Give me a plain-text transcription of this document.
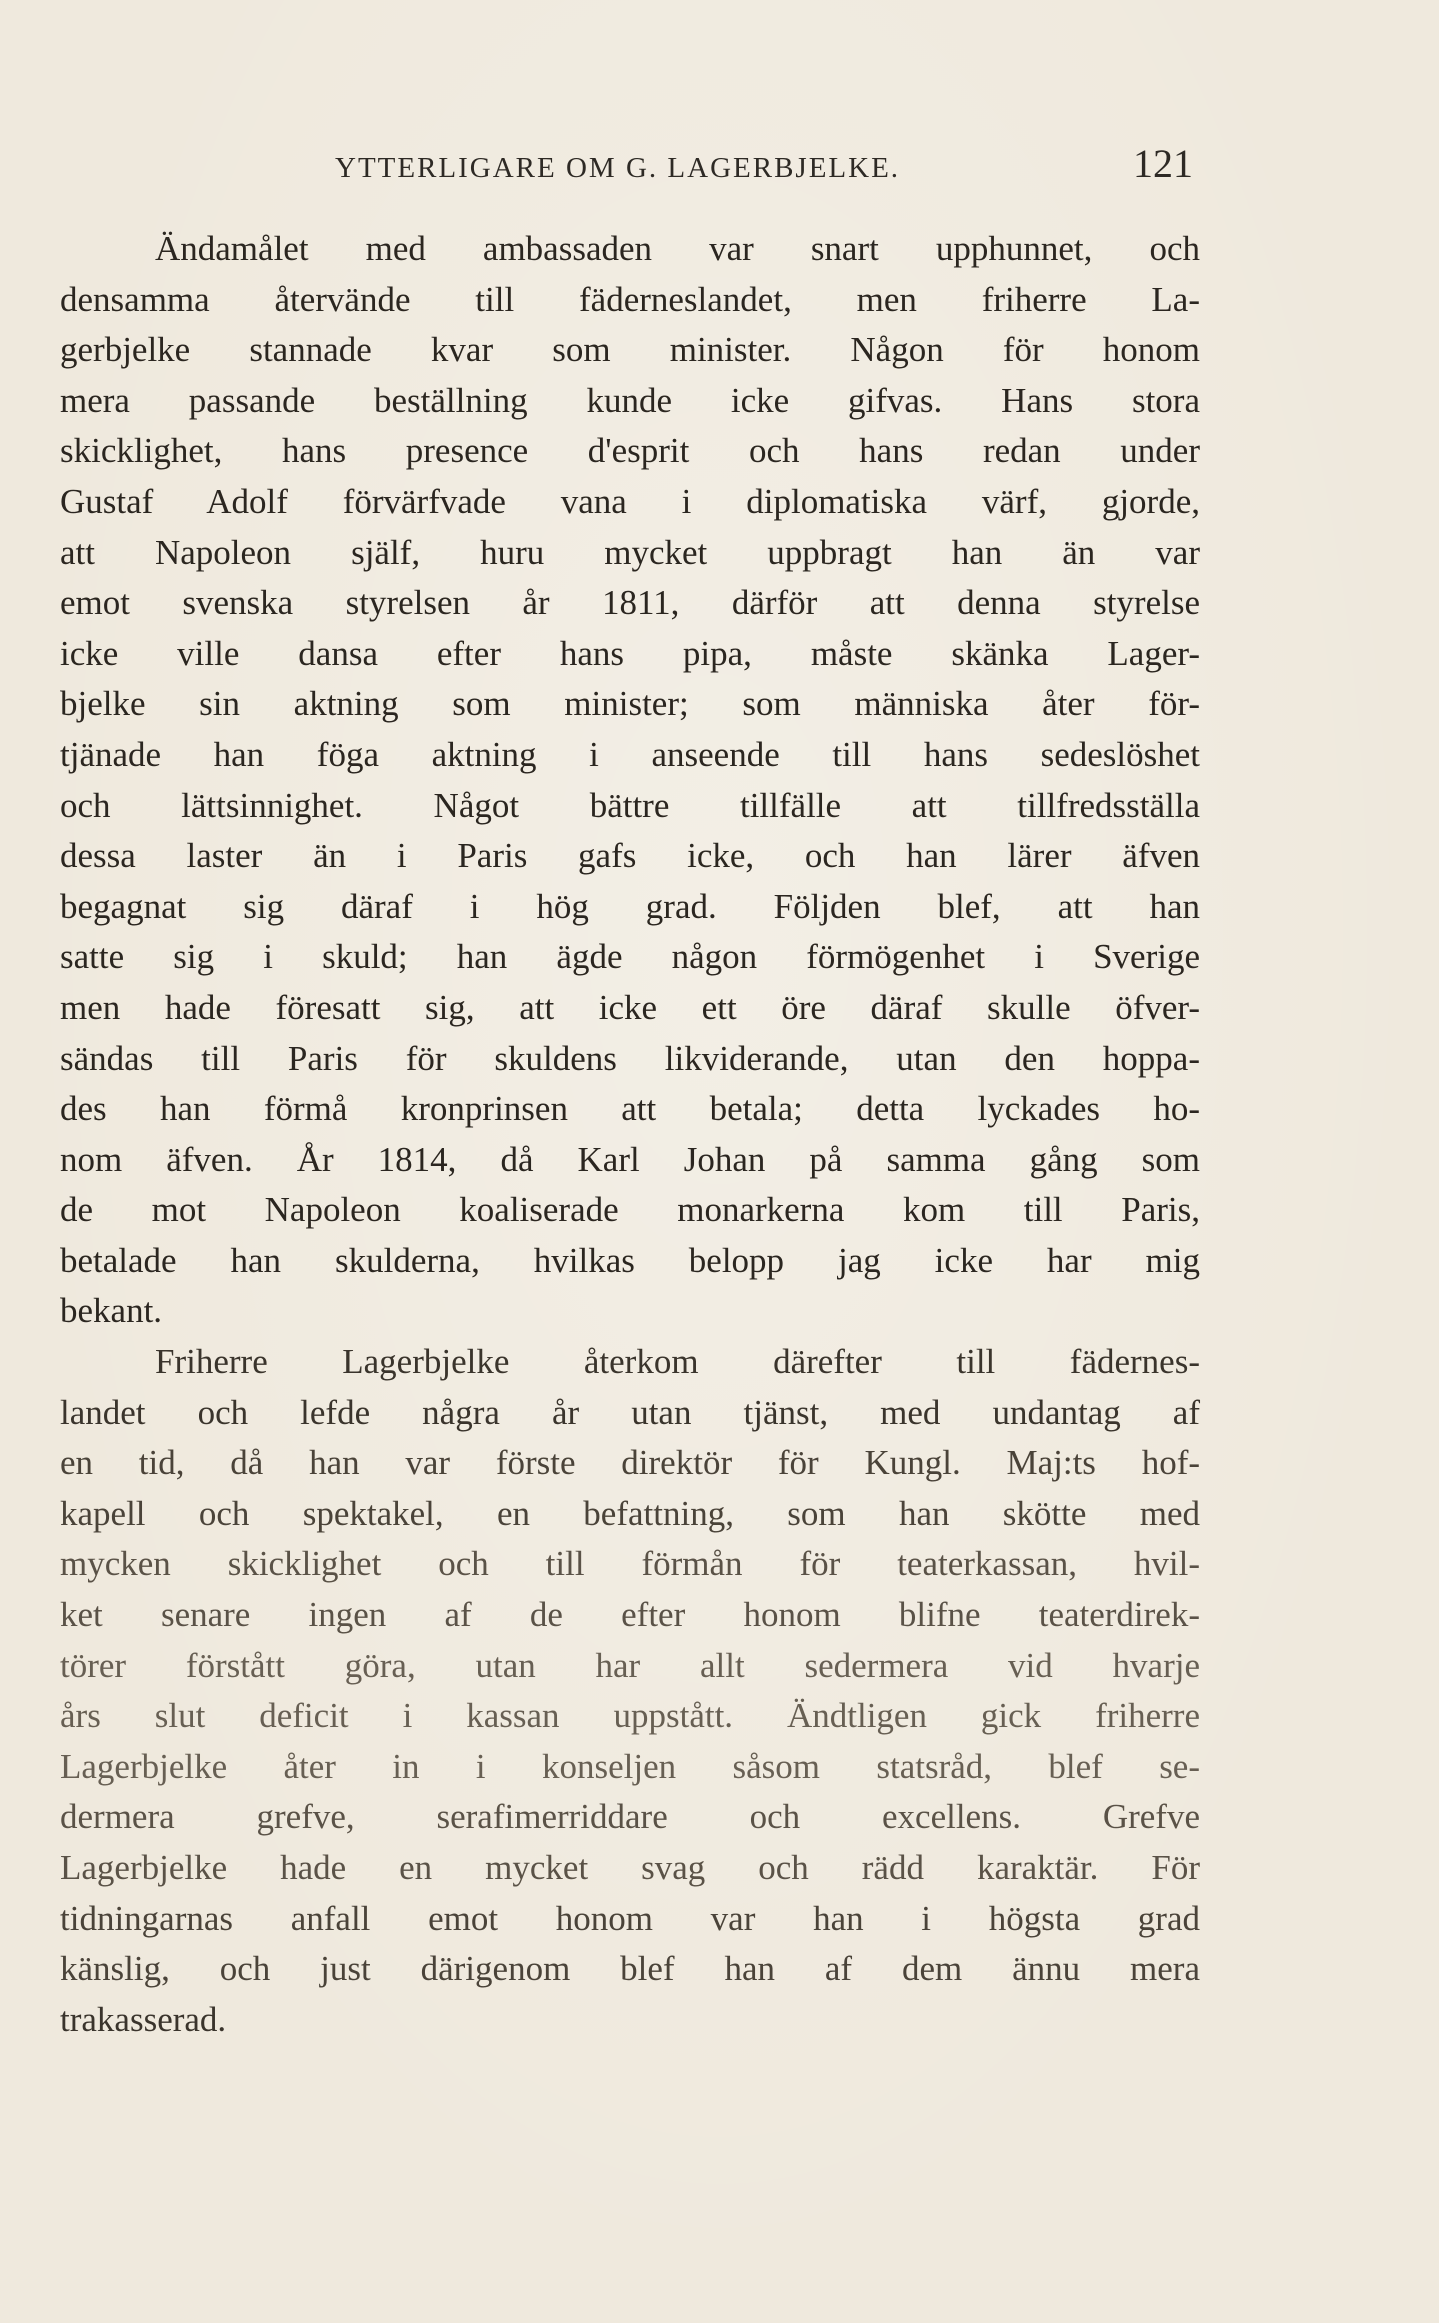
YTTERLIGARE OM G. LAGERBJELKE.	121
Ändamålet med ambassaden var snart upphunnet, och
densamma återvände till fäderneslandet, men friherre La-
gerbjelke stannade kvar som minister. Någon för honom
mera passande beställning kunde icke gifvas. Hans stora
skicklighet, hans presence d'esprit och hans redan under
Gustaf Adolf förvärfvade vana i diplomatiska värf, gjorde,
att Napoleon själf, huru mycket uppbragt han än var
emot svenska styrelsen år 1811, därför att denna styrelse
icke ville dansa efter hans pipa, måste skänka Lager-
bjelke sin aktning som minister; som människa åter för-
tjänade han föga aktning i anseende till hans sedeslöshet
och lättsinnighet. Något bättre tillfälle att tillfredsställa
dessa laster än i Paris gafs icke, och han lärer äfven
begagnat sig däraf i hög grad. Följden blef, att han
satte sig i skuld; han ägde någon förmögenhet i Sverige
men hade föresatt sig, att icke ett öre däraf skulle öfver-
sändas till Paris för skuldens likviderande, utan den hoppa-
des han förmå kronprinsen att betala; detta lyckades ho-
nom äfven. År 1814, då Karl Johan på samma gång som
de mot Napoleon koaliserade monarkerna kom till Paris,
betalade han skulderna, hvilkas belopp jag icke har mig
bekant.
Friherre Lagerbjelke återkom därefter till fädernes-
landet och lefde några år utan tjänst, med undantag af
en tid, då han var förste direktör för Kungl. Maj:ts hof-
kapell och spektakel, en befattning, som han skötte med
mycken skicklighet och till förmån för teaterkassan, hvil-
ket senare ingen af de efter honom blifne teaterdirek-
törer förstått göra, utan har allt sedermera vid hvarje
års slut deficit i kassan uppstått. Ändtligen gick friherre
Lagerbjelke åter in i konseljen såsom statsråd, blef se-
dermera grefve, serafimerriddare och excellens. Grefve
Lagerbjelke hade en mycket svag och rädd karaktär. För
tidningarnas anfall emot honom var han i högsta grad
känslig, och just därigenom blef han af dem ännu mera
trakasserad.
